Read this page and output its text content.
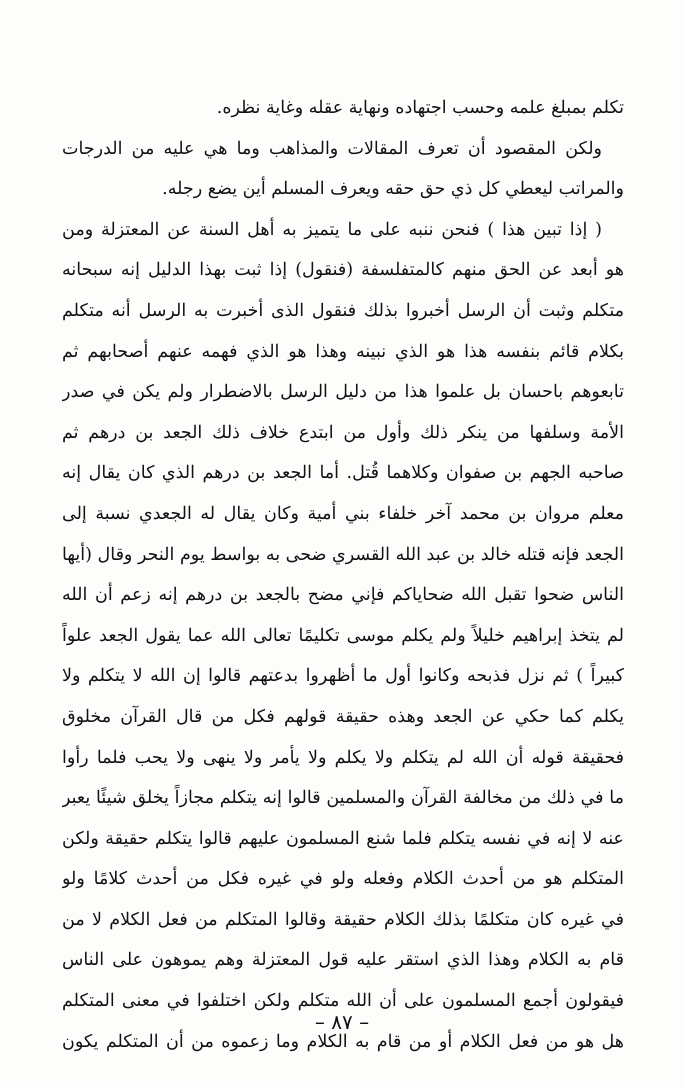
تكلم بمبلغ علمه وحسب اجتهاده ونهاية عقله وغاية نظره.
ولكن المقصود أن تعرف المقالات والمذاهب وما هي عليه من الدرجات
والمراتب ليعطي كل ذي حق حقه ويعرف المسلم أين يضع رجله.
( إذا تبين هذا ) فنحن ننبه على ما يتميز به أهل السنة عن المعتزلة ومن
هو أبعد عن الحق منهم كالمتفلسفة (فنقول) إذا ثبت بهذا الدليل إنه سبحانه
متكلم وثبت أن الرسل أخبروا بذلك فنقول الذى أخبرت به الرسل أنه متكلم
بكلام قائم بنفسه هذا هو الذي نبينه وهذا هو الذي فهمه عنهم أصحابهم ثم
تابعوهم باحسان بل علموا هذا من دليل الرسل بالاضطرار ولم يكن في صدر
الأمة وسلفها من ينكر ذلك وأول من ابتدع خلاف ذلك الجعد بن درهم ثم
صاحبه الجهم بن صفوان وكلاهما قُتل. أما الجعد بن درهم الذي كان يقال إنه
معلم مروان بن محمد آخر خلفاء بني أمية وكان يقال له الجعدي نسبة إلى
الجعد فإنه قتله خالد بن عبد الله القسري ضحى به بواسط يوم النحر وقال (أيها
الناس ضحوا تقبل الله ضحاياكم فإني مضح بالجعد بن درهم إنه زعم أن الله
لم يتخذ إبراهيم خليلاً ولم يكلم موسى تكليمًا تعالى الله عما يقول الجعد علواً
كبيراً ) ثم نزل فذبحه وكانوا أول ما أظهروا بدعتهم قالوا إن الله لا يتكلم ولا
يكلم كما حكي عن الجعد وهذه حقيقة قولهم فكل من قال القرآن مخلوق
فحقيقة قوله أن الله لم يتكلم ولا يكلم ولا يأمر ولا ينهى ولا يحب فلما رأوا
ما في ذلك من مخالفة القرآن والمسلمين قالوا إنه يتكلم مجازاً يخلق شيئًا يعبر
عنه لا إنه في نفسه يتكلم فلما شنع المسلمون عليهم قالوا يتكلم حقيقة ولكن
المتكلم هو من أحدث الكلام وفعله ولو في غيره فكل من أحدث كلامًا ولو
في غيره كان متكلمًا بذلك الكلام حقيقة وقالوا المتكلم من فعل الكلام لا من
قام به الكلام وهذا الذي استقر عليه قول المعتزلة وهم يموهون على الناس
فيقولون أجمع المسلمون على أن الله متكلم ولكن اختلفوا في معنى المتكلم
هل هو من فعل الكلام أو من قام به الكلام وما زعموه من أن المتكلم يكون
– ٨٧ –
